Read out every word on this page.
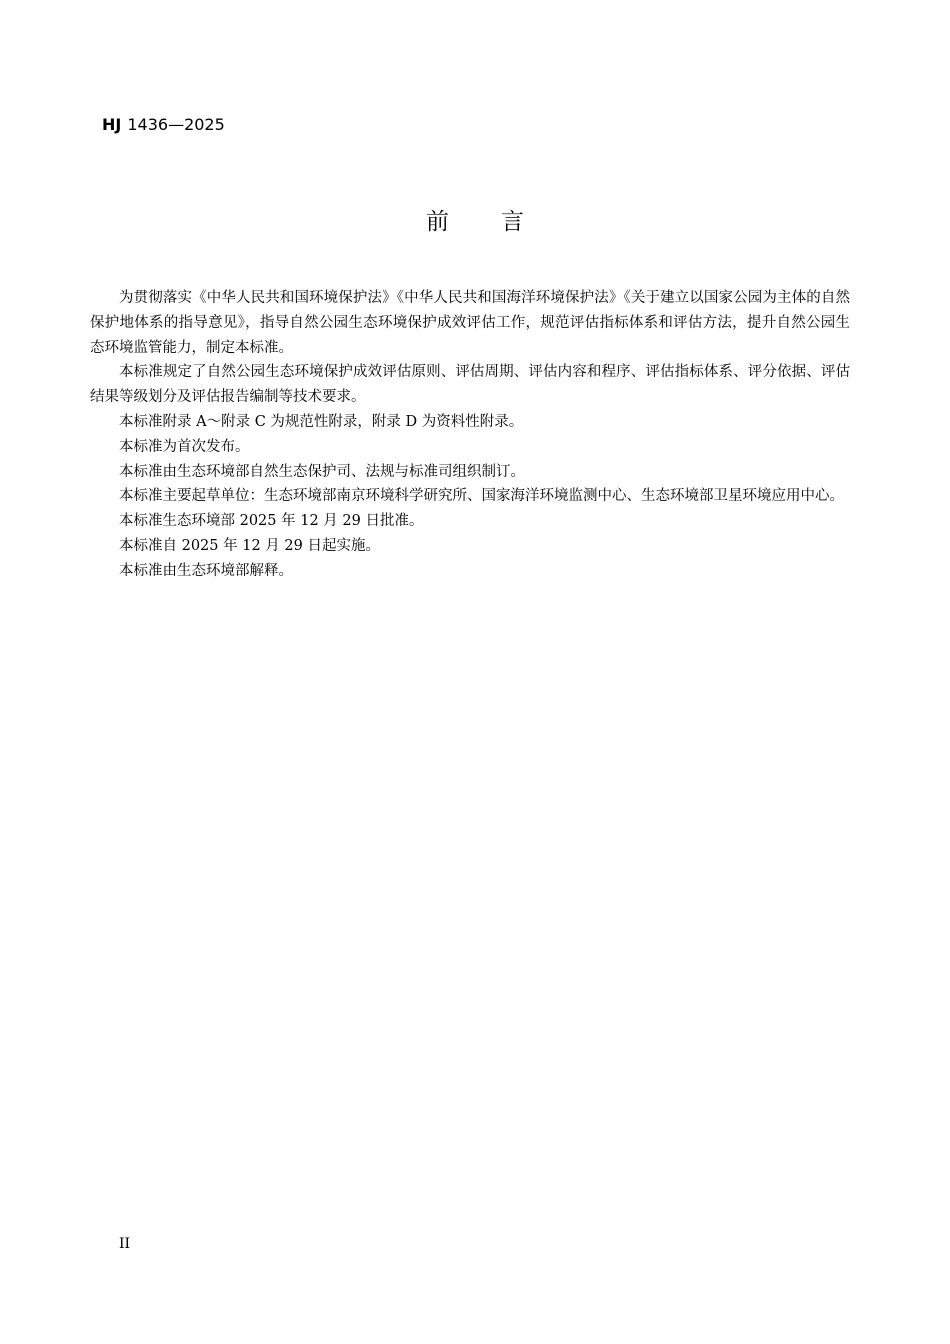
HJ 1436—2025
前 言

为贯彻落实《中华人民共和国环境保护法》《中华人民共和国海洋环境保护法》《关于建立以国家公园为主体的自然保护地体系的指导意见》，指导自然公园生态环境保护成效评估工作，规范评估指标体系和评估方法，提升自然公园生态环境监管能力，制定本标准。

本标准规定了自然公园生态环境保护成效评估原则、评估周期、评估内容和程序、评估指标体系、评分依据、评估结果等级划分及评估报告编制等技术要求。

本标准附录 A～附录 C 为规范性附录，附录 D 为资料性附录。

本标准为首次发布。

本标准由生态环境部自然生态保护司、法规与标准司组织制订。

本标准主要起草单位：生态环境部南京环境科学研究所、国家海洋环境监测中心、生态环境部卫星环境应用中心。

本标准生态环境部 2025 年 12 月 29 日批准。

本标准自 2025 年 12 月 29 日起实施。

本标准由生态环境部解释。

II
